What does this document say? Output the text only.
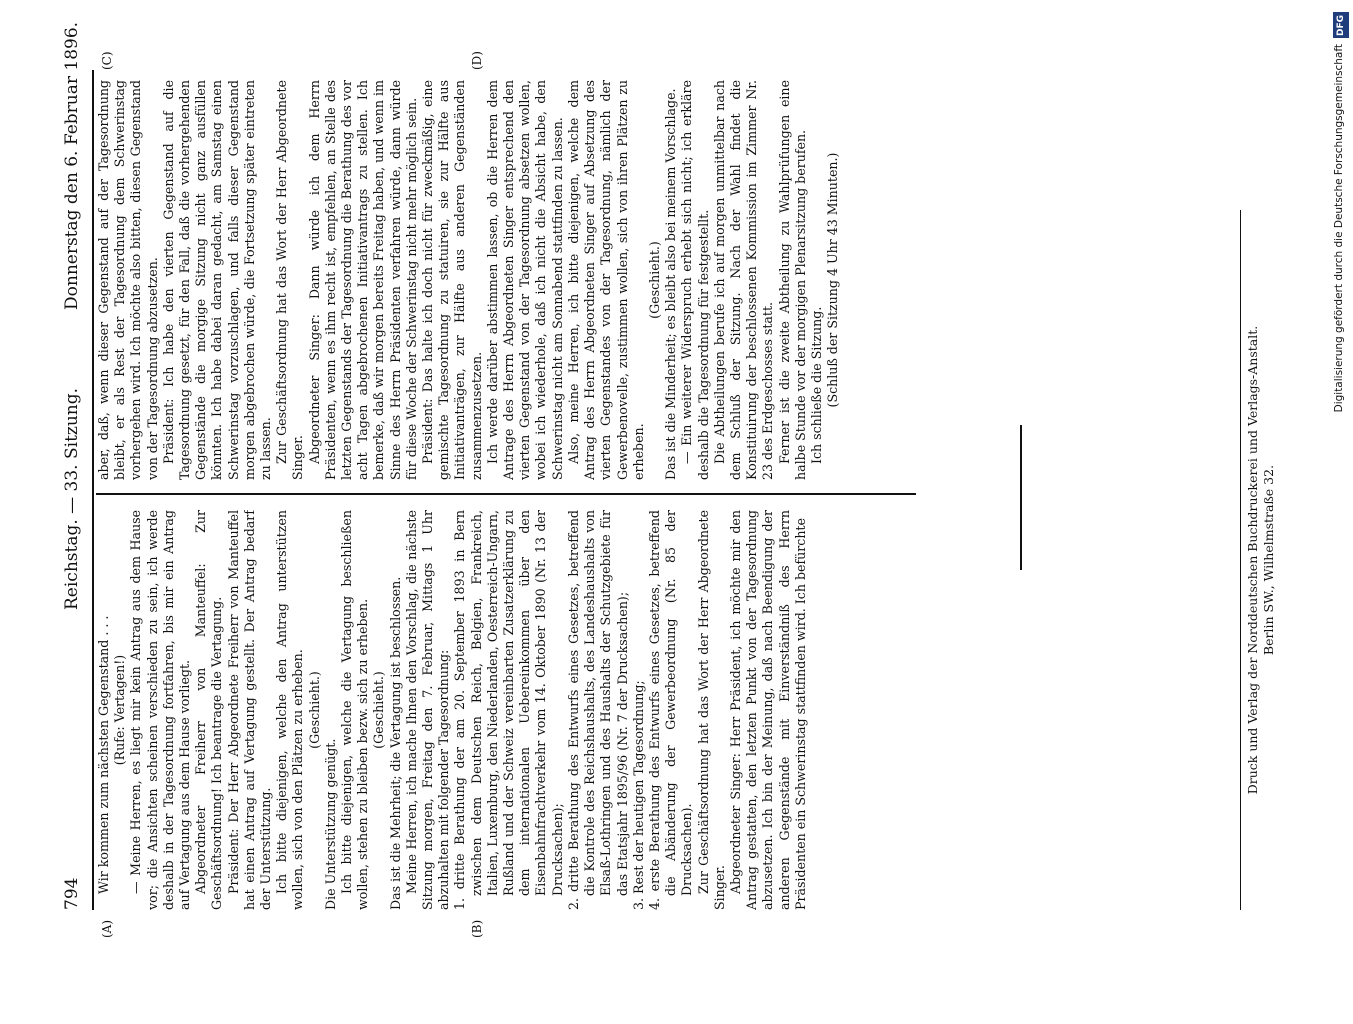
794
Reichstag. — 33. Sitzung.
Donnerstag den 6. Februar 1896.
(A)	(B)
(C)	(D)

Wir kommen zum nächsten Gegenstand . . . (Rufe: Vertagen!) — Meine Herren, es liegt mir kein Antrag aus dem Hause vor; die Ansichten scheinen verschieden zu sein, ich werde deshalb in der Tagesordnung fortfahren, bis mir ein Antrag auf Vertagung aus dem Hause vorliegt. Abgeordneter Freiherr von Manteuffel: Zur Geschäftsordnung! Ich beantrage die Vertagung. Präsident: Der Herr Abgeordnete Freiherr von Manteuffel hat einen Antrag auf Vertagung gestellt. Der Antrag bedarf der Unterstützung. Ich bitte diejenigen, welche den Antrag unterstützen wollen, sich von den Plätzen zu erheben. (Geschieht.)

Die Unterstützung genügt. Ich bitte diejenigen, welche die Vertagung beschließen wollen, stehen zu bleiben bezw. sich zu erheben. (Geschieht.) Das ist die Mehrheit; die Vertagung ist beschlossen. Meine Herren, ich mache Ihnen den Vorschlag, die nächste Sitzung morgen, Freitag den 7. Februar, Mittags 1 Uhr abzuhalten mit folgender Tagesordnung: 1. dritte Berathung der am 20. September 1893 in Bern zwischen dem Deutschen Reich, Belgien, Frankreich, Italien, Luxemburg, den Niederlanden, Oesterreich-Ungarn, Rußland und der Schweiz vereinbarten Zusatzerklärung zu dem internationalen Uebereinkommen über den Eisenbahnfrachtverkehr vom 14. Oktober 1890 (Nr. 13 der Drucksachen); 2. dritte Berathung des Entwurfs eines Gesetzes, betreffend die Kontrole des Reichshaushalts, des Landeshaushalts von Elsaß-Lothringen und des Haushalts der Schutzgebiete für das Etatsjahr 1895/96 (Nr. 7 der Drucksachen); 3. Rest der heutigen Tagesordnung; 4. erste Berathung des Entwurfs eines Gesetzes, betreffend die Abänderung der Gewerbeordnung (Nr. 85 der Drucksachen). Zur Geschäftsordnung hat das Wort der Herr Abgeordnete Singer. Abgeordneter Singer: Herr Präsident, ich möchte mir den Antrag gestatten, den letzten Punkt von der Tagesordnung abzusetzen. Ich bin der Meinung, daß nach Beendigung der anderen Gegenstände mit Einverständniß des Herrn Präsidenten ein Schwerinstag stattfinden wird. Ich befürchte

aber, daß, wenn dieser Gegenstand auf der Tagesordnung bleibt, er als Rest der Tagesordnung dem Schwerinstag vorhergehen wird. Ich möchte also bitten, diesen Gegenstand von der Tagesordnung abzusetzen. Präsident: Ich habe den vierten Gegenstand auf die Tagesordnung gesetzt, für den Fall, daß die vorhergehenden Gegenstände die morgige Sitzung nicht ganz ausfüllen könnten. Ich habe dabei daran gedacht, am Samstag einen Schwerinstag vorzuschlagen, und falls dieser Gegenstand morgen abgebrochen würde, die Fortsetzung später eintreten zu lassen. Zur Geschäftsordnung hat das Wort der Herr Abgeordnete Singer. Abgeordneter Singer: Dann würde ich dem Herrn Präsidenten, wenn es ihm recht ist, empfehlen, an Stelle des letzten Gegenstands der Tagesordnung die Berathung des vor acht Tagen abgebrochenen Initiativantrags zu stellen. Ich bemerke, daß wir morgen bereits Freitag haben, und wenn im Sinne des Herrn Präsidenten verfahren würde, dann würde für diese Woche der Schwerinstag nicht mehr möglich sein. Präsident: Das halte ich doch nicht für zweckmäßig, eine gemischte Tagesordnung zu statuiren, sie zur Hälfte aus Initiativanträgen, zur Hälfte aus anderen Gegenständen zusammenzusetzen. Ich werde darüber abstimmen lassen, ob die Herren dem Antrage des Herrn Abgeordneten Singer entsprechend den vierten Gegenstand von der Tagesordnung absetzen wollen, wobei ich wiederhole, daß ich nicht die Absicht habe, den Schwerinstag nicht am Sonnabend stattfinden zu lassen. Also, meine Herren, ich bitte diejenigen, welche dem Antrag des Herrn Abgeordneten Singer auf Absetzung des vierten Gegenstandes von der Tagesordnung, nämlich der Gewerbenovelle, zustimmen wollen, sich von ihren Plätzen zu erheben.

(Geschieht.) Das ist die Minderheit; es bleibt also bei meinem Vorschlage. — Ein weiterer Widerspruch erhebt sich nicht; ich erkläre deshalb die Tagesordnung für festgestellt. Die Abtheilungen berufe ich auf morgen unmittelbar nach dem Schluß der Sitzung. Nach der Wahl findet die Konstituirung der beschlossenen Kommission im Zimmer Nr. 23 des Erdgeschosses statt. Ferner ist die zweite Abtheilung zu Wahlprüfungen eine halbe Stunde vor der morgigen Plenarsitzung berufen. Ich schließe die Sitzung. (Schluß der Sitzung 4 Uhr 43 Minuten.)

Druck und Verlag der Norddeutschen Buchdruckerei und Verlags-Anstalt. Berlin SW., Wilhelmstraße 32.
DFG
Digitalisierung gefördert durch die Deutsche Forschungsgemeinschaft
